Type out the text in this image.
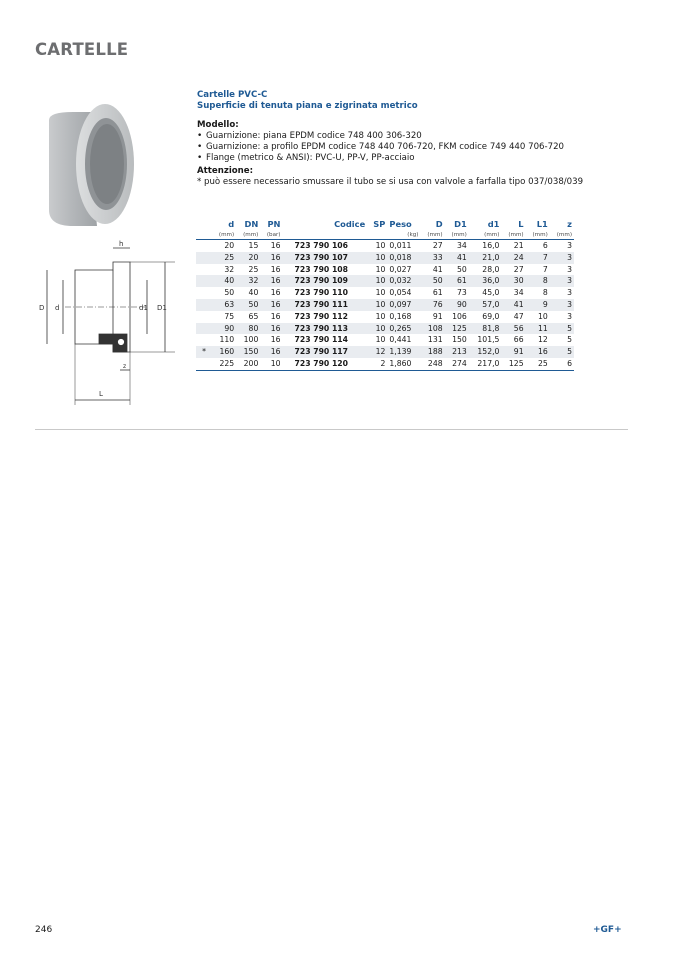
CARTELLE
h
D d	d1 D1
z
L
Cartelle PVC-C
Superficie di tenuta piana e zigrinata metrico
Modello:
• Guarnizione: piana EPDM codice 748 400 306-320
• Guarnizione: a profilo EPDM codice 748 440 706-720, FKM codice 749 440 706-720
• Flange (metrico & ANSI): PVC-U, PP-V, PP-acciaio
Attenzione:
* può essere necessario smussare il tubo se si usa con valvole a farfalla tipo 037/038/039
	d	DN	PN	Codice	SP	Peso	D	D1	d1	L	L1	z
	(mm)	(mm)	(bar)			(kg)	(mm)	(mm)	(mm)	(mm)	(mm)	(mm)
	20	15	16	723 790 106	10	0,011	27	34	16,0	21	6	3
	25	20	16	723 790 107	10	0,018	33	41	21,0	24	7	3
	32	25	16	723 790 108	10	0,027	41	50	28,0	27	7	3
	40	32	16	723 790 109	10	0,032	50	61	36,0	30	8	3
	50	40	16	723 790 110	10	0,054	61	73	45,0	34	8	3
	63	50	16	723 790 111	10	0,097	76	90	57,0	41	9	3
	75	65	16	723 790 112	10	0,168	91	106	69,0	47	10	3
	90	80	16	723 790 113	10	0,265	108	125	81,8	56	11	5
	110	100	16	723 790 114	10	0,441	131	150	101,5	66	12	5
*	160	150	16	723 790 117	12	1,139	188	213	152,0	91	16	5
	225	200	10	723 790 120	2	1,860	248	274	217,0	125	25	6
246	+GF+
